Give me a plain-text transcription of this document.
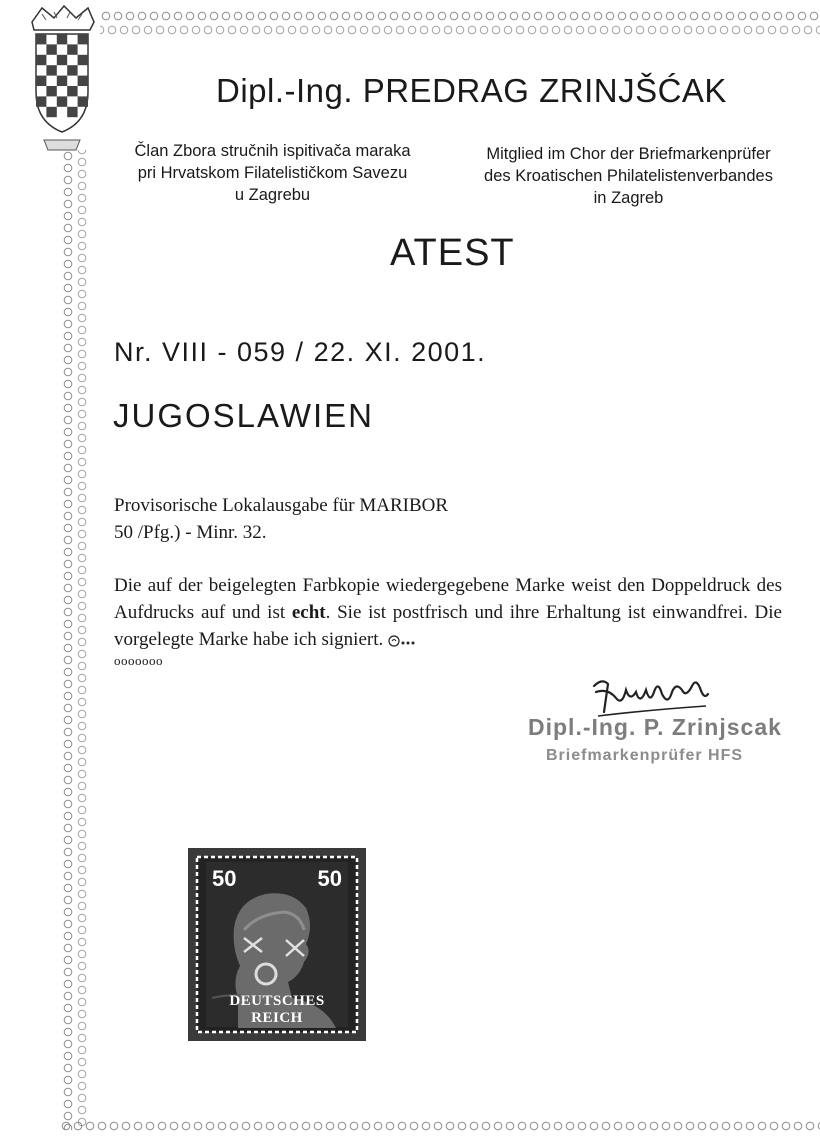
Dipl.-Ing. PREDRAG ZRINJŠĆAK
Član Zbora stručnih ispitivača maraka
pri Hrvatskom Filatelističkom Savezu
u Zagrebu
Mitglied im Chor der Briefmarkenprüfer
des Kroatischen Philatelistenverbandes
in Zagreb
ATEST
Nr. VIII - 059 / 22. XI. 2001.
JUGOSLAWIEN
Provisorische Lokalausgabe für MARIBOR
50 /Pfg.) - Minr. 32.
Die auf der beigelegten Farbkopie wiedergegebene Marke weist den Doppeldruck des Aufdrucks auf und ist echt. Sie ist postfrisch und ihre Erhaltung ist einwandfrei. Die vorgelegte Marke habe ich signiert.
ooooooo
Dipl.-Ing. P. Zrinjscak
Briefmarkenprüfer HFS
50	50
DEUTSCHES REICH
